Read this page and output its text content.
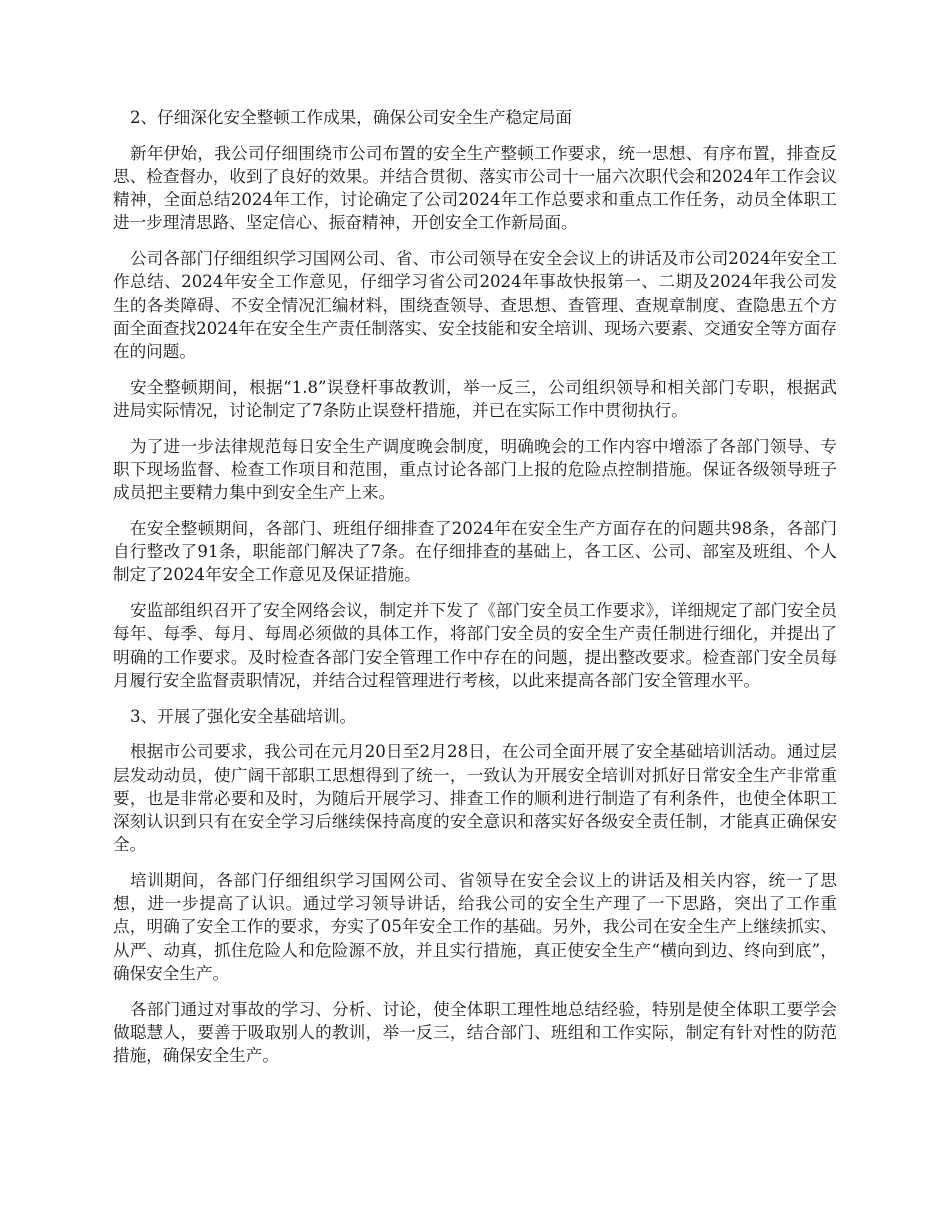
2、仔细深化安全整顿工作成果，确保公司安全生产稳定局面

新年伊始，我公司仔细围绕市公司布置的安全生产整顿工作要求，统一思想、有序布置，排查反思、检查督办，收到了良好的效果。并结合贯彻、落实市公司十一届六次职代会和2024年工作会议精神，全面总结2024年工作，讨论确定了公司2024年工作总要求和重点工作任务，动员全体职工进一步理清思路、坚定信心、振奋精神，开创安全工作新局面。

公司各部门仔细组织学习国网公司、省、市公司领导在安全会议上的讲话及市公司2024年安全工作总结、2024年安全工作意见，仔细学习省公司2024年事故快报第一、二期及2024年我公司发生的各类障碍、不安全情况汇编材料，围绕查领导、查思想、查管理、查规章制度、查隐患五个方面全面查找2024年在安全生产责任制落实、安全技能和安全培训、现场六要素、交通安全等方面存在的问题。

安全整顿期间，根据“1.8”误登杆事故教训，举一反三，公司组织领导和相关部门专职，根据武进局实际情况，讨论制定了7条防止误登杆措施，并已在实际工作中贯彻执行。

为了进一步法律规范每日安全生产调度晚会制度，明确晚会的工作内容中增添了各部门领导、专职下现场监督、检查工作项目和范围，重点讨论各部门上报的危险点控制措施。保证各级领导班子成员把主要精力集中到安全生产上来。

在安全整顿期间，各部门、班组仔细排查了2024年在安全生产方面存在的问题共98条，各部门自行整改了91条，职能部门解决了7条。在仔细排查的基础上，各工区、公司、部室及班组、个人制定了2024年安全工作意见及保证措施。

安监部组织召开了安全网络会议，制定并下发了《部门安全员工作要求》，详细规定了部门安全员每年、每季、每月、每周必须做的具体工作，将部门安全员的安全生产责任制进行细化，并提出了明确的工作要求。及时检查各部门安全管理工作中存在的问题，提出整改要求。检查部门安全员每月履行安全监督责职情况，并结合过程管理进行考核，以此来提高各部门安全管理水平。

3、开展了强化安全基础培训。

根据市公司要求，我公司在元月20日至2月28日，在公司全面开展了安全基础培训活动。通过层层发动动员，使广阔干部职工思想得到了统一，一致认为开展安全培训对抓好日常安全生产非常重要，也是非常必要和及时，为随后开展学习、排查工作的顺利进行制造了有利条件，也使全体职工深刻认识到只有在安全学习后继续保持高度的安全意识和落实好各级安全责任制，才能真正确保安全。

培训期间，各部门仔细组织学习国网公司、省领导在安全会议上的讲话及相关内容，统一了思想，进一步提高了认识。通过学习领导讲话，给我公司的安全生产理了一下思路，突出了工作重点，明确了安全工作的要求，夯实了05年安全工作的基础。另外，我公司在安全生产上继续抓实、从严、动真，抓住危险人和危险源不放，并且实行措施，真正使安全生产“横向到边、终向到底”，确保安全生产。

各部门通过对事故的学习、分析、讨论，使全体职工理性地总结经验，特别是使全体职工要学会做聪慧人，要善于吸取别人的教训，举一反三，结合部门、班组和工作实际，制定有针对性的防范措施，确保安全生产。
